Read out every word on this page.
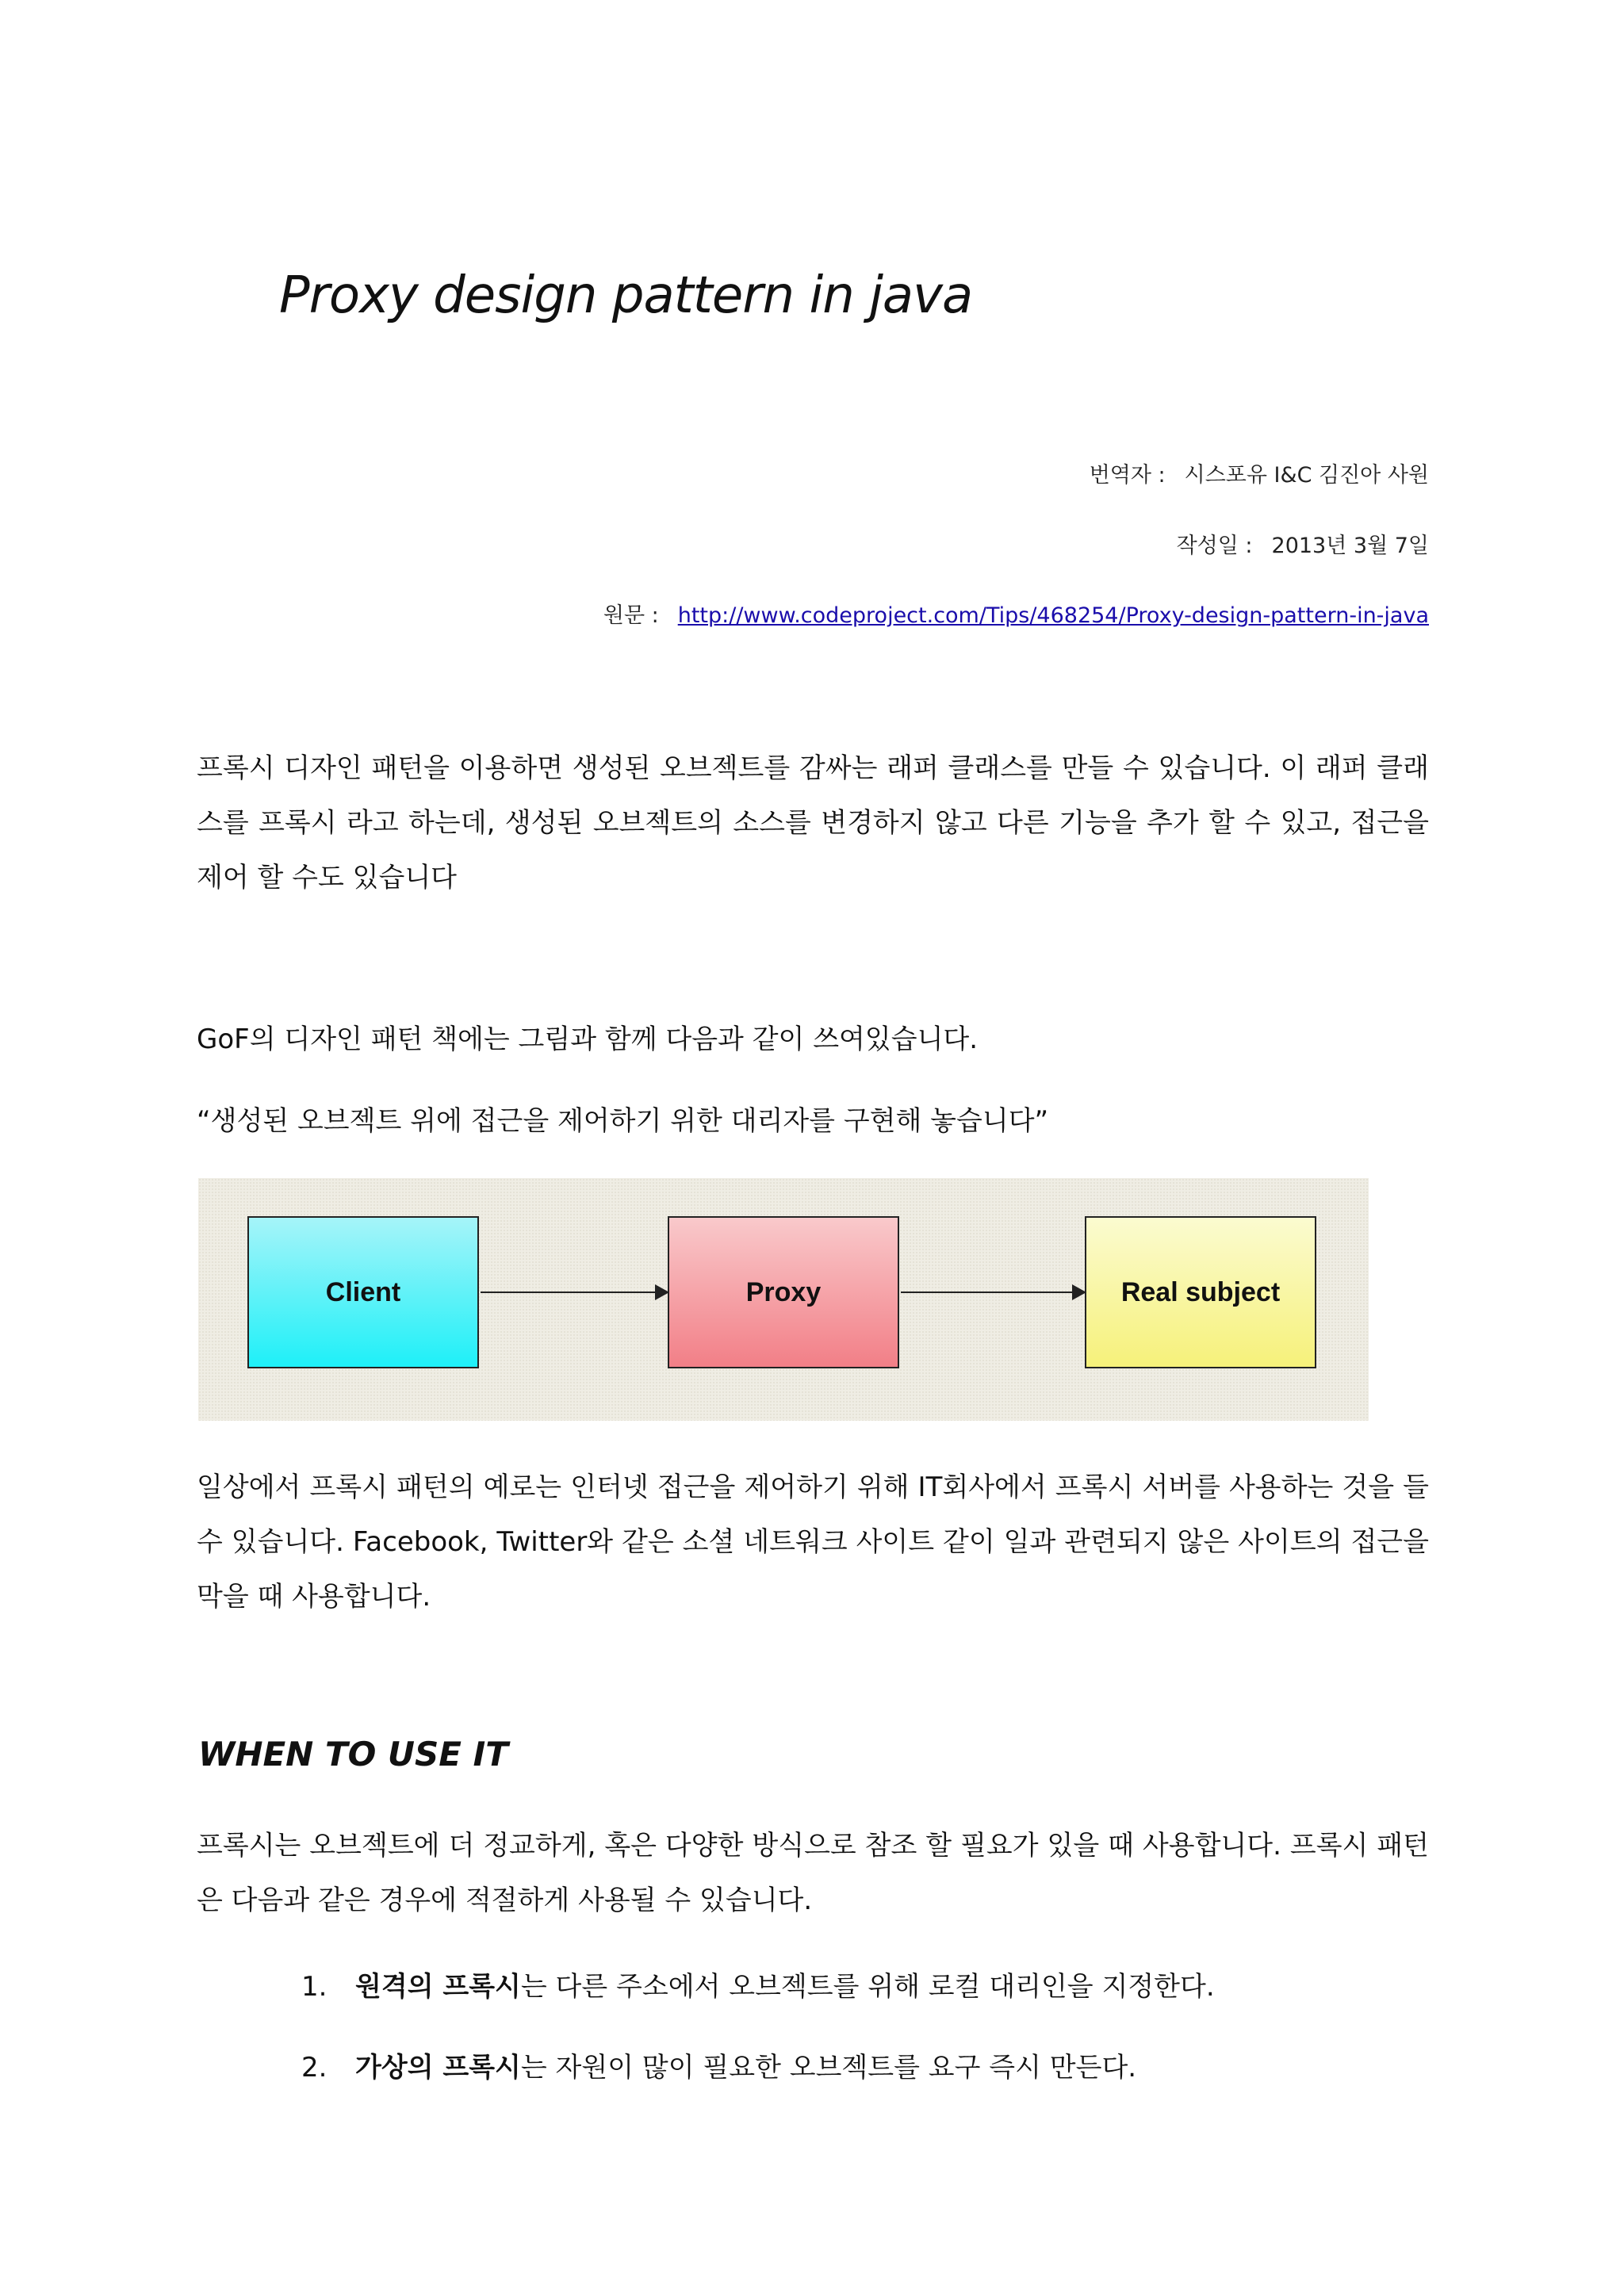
Proxy design pattern in java
번역자 : 시스포유 I&C 김진아 사원
작성일 : 2013년 3월 7일
원문 : http://www.codeproject.com/Tips/468254/Proxy-design-pattern-in-java

프록시 디자인 패턴을 이용하면 생성된 오브젝트를 감싸는 래퍼 클래스를 만들 수 있습니다. 이 래퍼 클래스를 프록시 라고 하는데, 생성된 오브젝트의 소스를 변경하지 않고 다른 기능을 추가 할 수 있고, 접근을 제어 할 수도 있습니다

GoF의 디자인 패턴 책에는 그림과 함께 다음과 같이 쓰여있습니다.

“생성된 오브젝트 위에 접근을 제어하기 위한 대리자를 구현해 놓습니다”

Client	Proxy	Real subject

일상에서 프록시 패턴의 예로는 인터넷 접근을 제어하기 위해 IT회사에서 프록시 서버를 사용하는 것을 들 수 있습니다. Facebook, Twitter와 같은 소셜 네트워크 사이트 같이 일과 관련되지 않은 사이트의 접근을 막을 때 사용합니다.

WHEN TO USE IT

프록시는 오브젝트에 더 정교하게, 혹은 다양한 방식으로 참조 할 필요가 있을 때 사용합니다. 프록시 패턴은 다음과 같은 경우에 적절하게 사용될 수 있습니다.

1. 원격의 프록시는 다른 주소에서 오브젝트를 위해 로컬 대리인을 지정한다.
2. 가상의 프록시는 자원이 많이 필요한 오브젝트를 요구 즉시 만든다.
